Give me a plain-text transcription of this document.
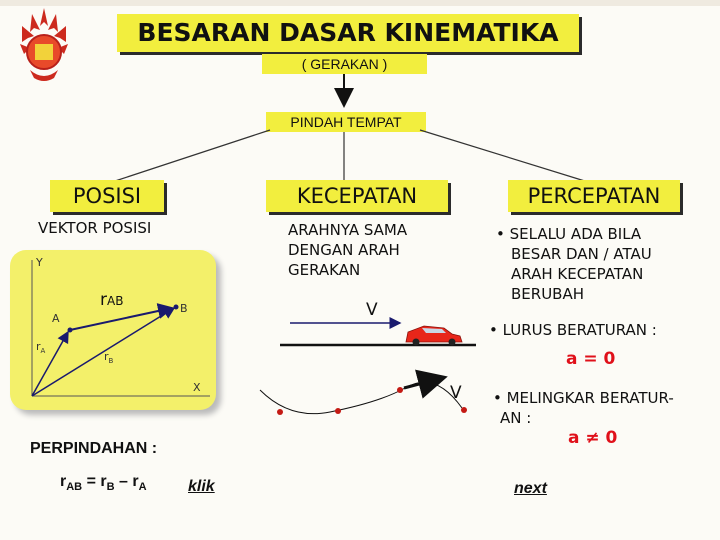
BESARAN DASAR KINEMATIKA
( GERAKAN )
PINDAH TEMPAT
POSISI	KECEPATAN	PERCEPATAN
VEKTOR POSISI
Y
X
A
B
rAB
$r_A$	$r_B$
ARAHNYA SAMA
DENGAN ARAH
GERAKAN
V
V
• SELALU ADA BILA
BESAR DAN / ATAU
ARAH KECEPATAN
BERUBAH
• LURUS BERATURAN :
a = 0
• MELINGKAR BERATUR-
AN :
a ≠ 0
PERPINDAHAN :
$r_{AB} = r_B - r_A$	klik	next
